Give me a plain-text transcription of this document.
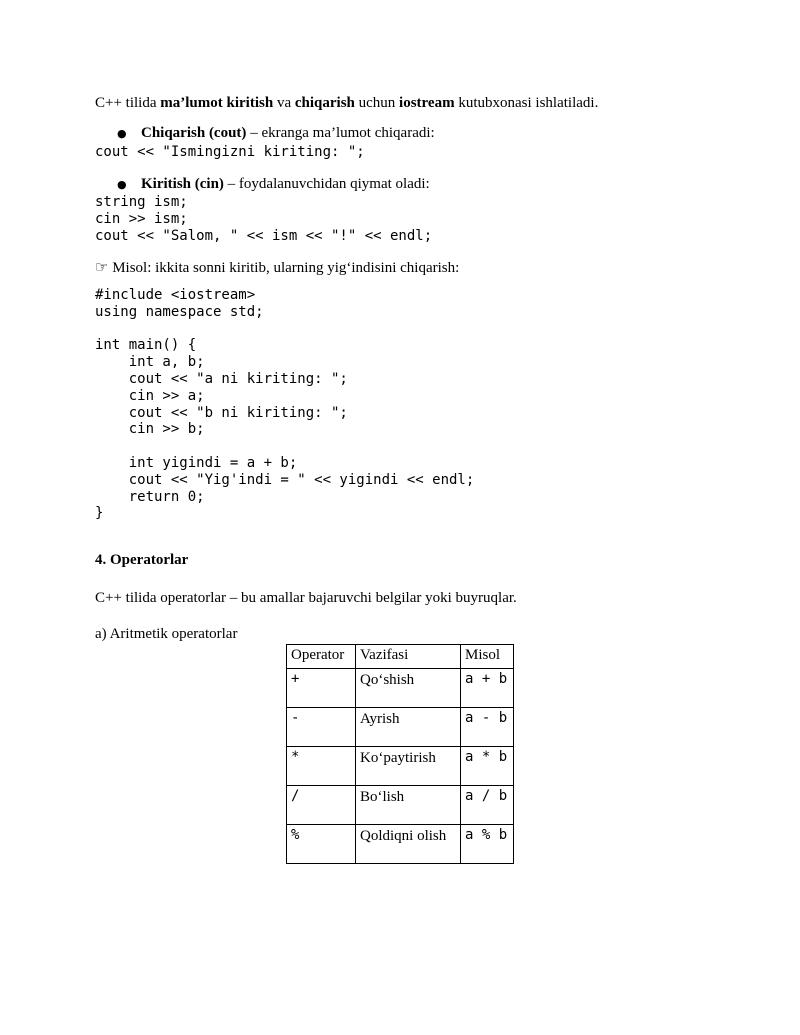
C++ tilida ma’lumot kiritish va chiqarish uchun iostream kutubxonasi ishlatiladi.
● Chiqarish (cout) – ekranga ma’lumot chiqaradi:
cout << "Ismingizni kiriting: ";
● Kiritish (cin) – foydalanuvchidan qiymat oladi:
string ism;
cin >> ism;
cout << "Salom, " << ism << "!" << endl;
☞ Misol: ikkita sonni kiritib, ularning yig‘indisini chiqarish:
#include <iostream>
using namespace std;

int main() {
int a, b;
cout << "a ni kiriting: ";
cin >> a;
cout << "b ni kiriting: ";
cin >> b;

int yigindi = a + b;
cout << "Yig'indi = " << yigindi << endl;
return 0;
}
4. Operatorlar
C++ tilida operatorlar – bu amallar bajaruvchi belgilar yoki buyruqlar.
a) Aritmetik operatorlar
Operator	Vazifasi	Misol
+	Qo‘shish	a + b
-	Ayrish	a - b
*	Ko‘paytirish	a * b
/	Bo‘lish	a / b
%	Qoldiqni olish	a % b
